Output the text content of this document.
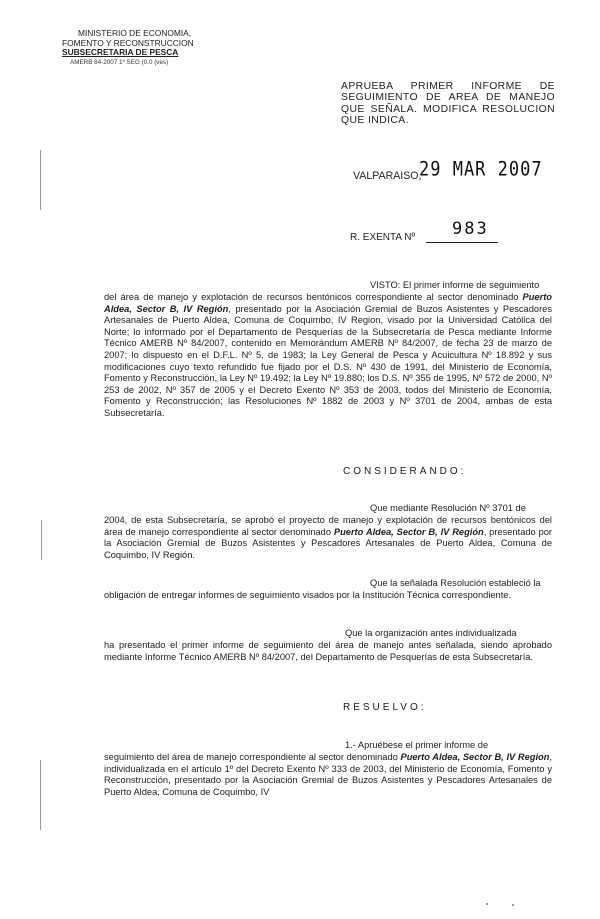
MINISTERIO DE ECONOMIA,
FOMENTO Y RECONSTRUCCION
SUBSECRETARIA DE PESCA
AMERB 84-2007 1º SEG (0.0 (ves)
APRUEBA PRIMER INFORME DE SEGUIMIENTO DE AREA DE MANEJO QUE SEÑALA. MODIFICA RESOLUCION QUE INDICA.
VALPARAISO,
29 MAR 2007
R. EXENTA Nº 983
VISTO: El primer informe de seguimiento
del área de manejo y explotación de recursos bentónicos correspondiente al sector denominado Puerto Aldea, Sector B, IV Región, presentado por la Asociación Gremial de Buzos Asistentes y Pescadores Artesanales de Puerto Aldea, Comuna de Coquimbo, IV Region, visado por la Universidad Católica del Norte; lo informado por el Departamento de Pesquerías de la Subsecretaría de Pesca mediante Informe Técnico AMERB Nº 84/2007, contenido en Memorándum AMERB Nº 84/2007, de fecha 23 de marzo de 2007; lo dispuesto en el D.F.L. Nº 5, de 1983; la Ley General de Pesca y Acuicultura Nº 18.892 y sus modificaciones cuyo texto refundido fue fijado por el D.S. Nº 430 de 1991, del Ministerio de Economía, Fomento y Reconstrucción, la Ley Nº 19.492; la Ley Nº 19.880; los D.S. Nº 355 de 1995, Nº 572 de 2000, Nº 253 de 2002, Nº 357 de 2005 y el Decreto Exento Nº 353 de 2003, todos del Ministerio de Economía, Fomento y Reconstrucción; las Resoluciones Nº 1882 de 2003 y Nº 3701 de 2004, ambas de esta Subsecretaría.
CONSIDERANDO:
Que mediante Resolución Nº 3701 de
2004, de esta Subsecretaría, se aprobó el proyecto de manejo y explotación de recursos bentónicos del área de manejo correspondiente al sector denominado Puerto Aldea, Sector B, IV Región, presentado por la Asociación Gremial de Buzos Asistentes y Pescadores Artesanales de Puerto Aldea, Comuna de Coquimbo, IV Región.
Que la señalada Resolución estableció la
obligación de entregar informes de seguimiento visados por la Institución Técnica correspondiente.
Que la organización antes individualizada
ha presentado el primer informe de seguimiento del área de manejo antes señalada, siendo aprobado mediante Informe Técnico AMERB Nº 84/2007, del Departamento de Pesquerías de esta Subsecretaría.
RESUELVO:
1.- Apruébese el primer informe de
seguimiento del área de manejo correspondiente al sector denominado Puerto Aldea, Sector B, IV Region, individualizada en el artículo 1º del Decreto Exento Nº 333 de 2003, del Ministerio de Economía, Fomento y Reconstrucción, presentado por la Asociación Gremial de Buzos Asistentes y Pescadores Artesanales de Puerto Aldea, Comuna de Coquimbo, IV
